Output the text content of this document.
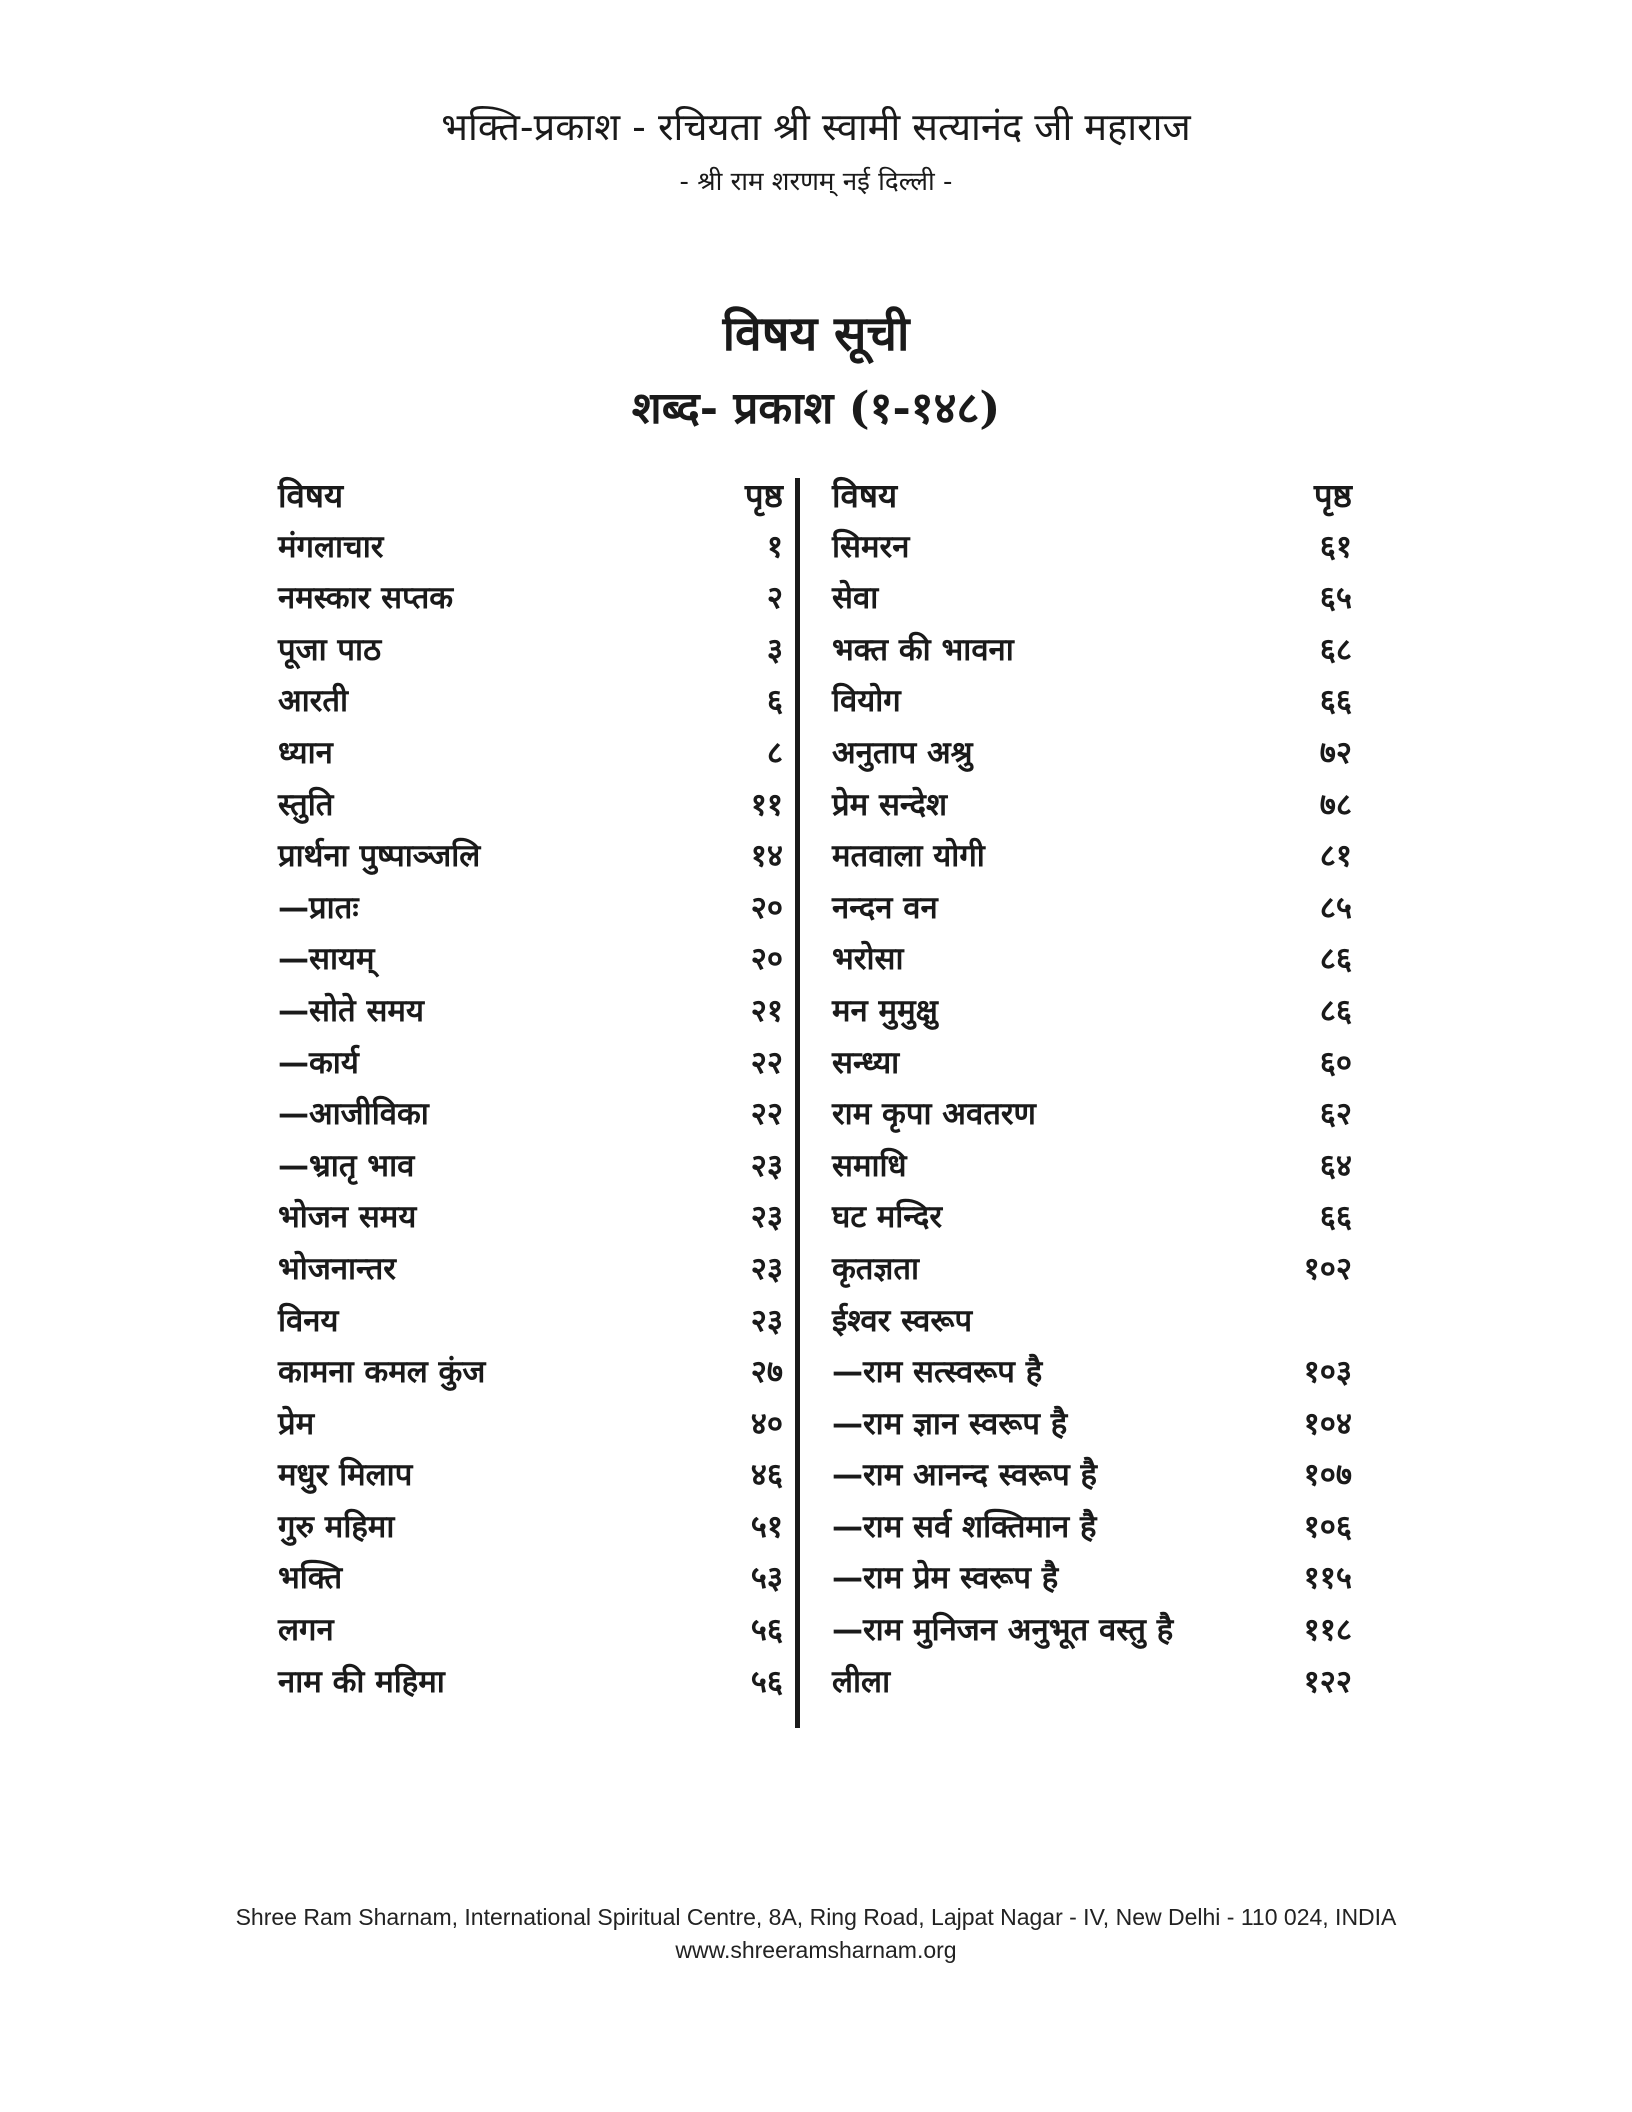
भक्ति-प्रकाश - रचियता श्री स्वामी सत्यानंद जी महाराज
- श्री राम शरणम् नई दिल्ली -
विषय सूची
शब्द- प्रकाश (१-१४८)
विषय	पृष्ठ
मंगलाचार	१
नमस्कार सप्तक	२
पूजा पाठ	३
आरती	६
ध्यान	८
स्तुति	११
प्रार्थना पुष्पाञ्जलि	१४
—प्रातः	२०
—सायम्	२०
—सोते समय	२१
—कार्य	२२
—आजीविका	२२
—भ्रातृ भाव	२३
भोजन समय	२३
भोजनान्तर	२३
विनय	२३
कामना कमल कुंज	२७
प्रेम	४०
मधुर मिलाप	४६
गुरु महिमा	५१
भक्ति	५३
लगन	५६
नाम की महिमा	५६
विषय	पृष्ठ
सिमरन	६१
सेवा	६५
भक्त की भावना	६८
वियोग	६६
अनुताप अश्रु	७२
प्रेम सन्देश	७८
मतवाला योगी	८१
नन्दन वन	८५
भरोसा	८६
मन मुमुक्षु	८६
सन्ध्या	६०
राम कृपा अवतरण	६२
समाधि	६४
घट मन्दिर	६६
कृतज्ञता	१०२
ईश्वर स्वरूप
—राम सत्स्वरूप है	१०३
—राम ज्ञान स्वरूप है	१०४
—राम आनन्द स्वरूप है	१०७
—राम सर्व शक्तिमान है	१०६
—राम प्रेम स्वरूप है	११५
—राम मुनिजन अनुभूत वस्तु है	११८
लीला	१२२
Shree Ram Sharnam, International Spiritual Centre, 8A, Ring Road, Lajpat Nagar - IV, New Delhi - 110 024, INDIA
www.shreeramsharnam.org
